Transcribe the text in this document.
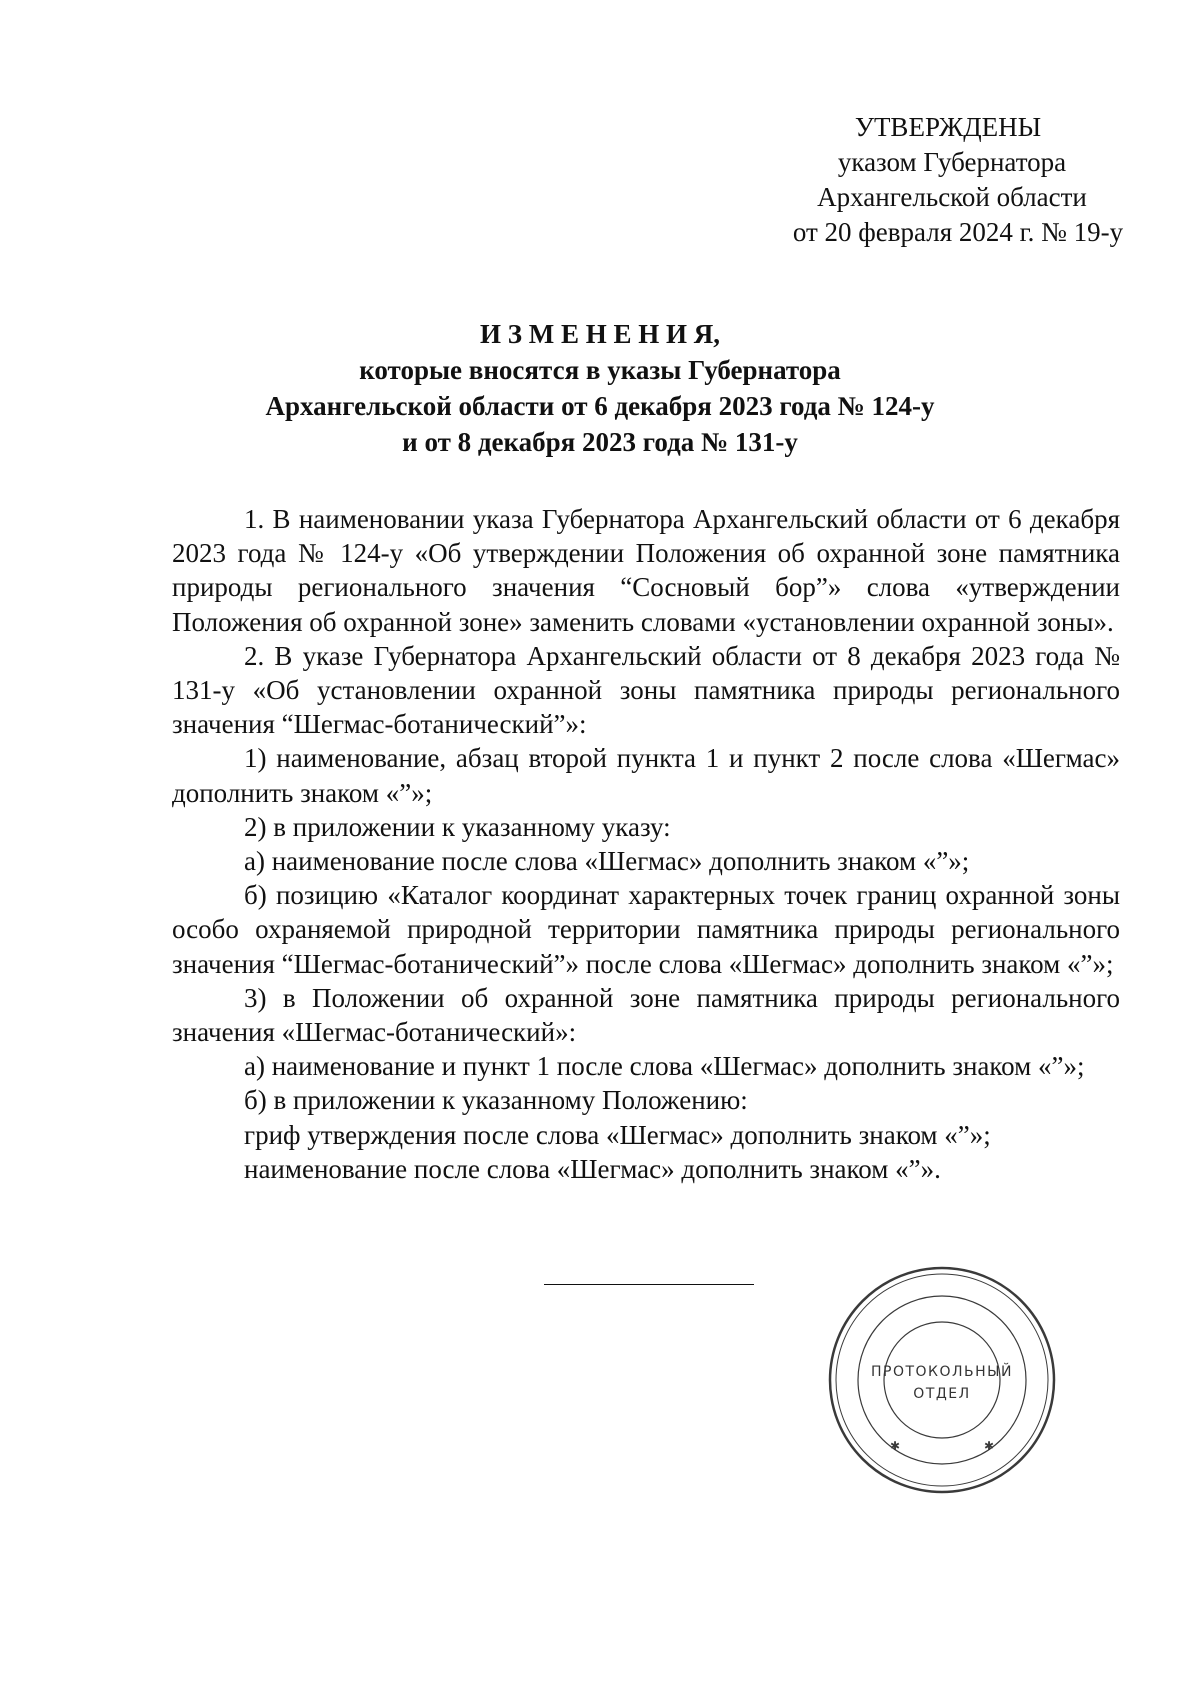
УТВЕРЖДЕНЫ
указом Губернатора
Архангельской области
от 20 февраля 2024 г. № 19-у
И З М Е Н Е Н И Я,
которые вносятся в указы Губернатора
Архангельской области от 6 декабря 2023 года № 124-у
и от 8 декабря 2023 года № 131-у

1. В наименовании указа Губернатора Архангельский области от 6 декабря 2023 года № 124-у «Об утверждении Положения об охранной зоне памятника природы регионального значения “Сосновый бор”» слова «утверждении Положения об охранной зоне» заменить словами «установлении охранной зоны».

2. В указе Губернатора Архангельский области от 8 декабря 2023 года № 131-у «Об установлении охранной зоны памятника природы регионального значения “Шегмас-ботанический”»:

1) наименование, абзац второй пункта 1 и пункт 2 после слова «Шегмас» дополнить знаком «”»;

2) в приложении к указанному указу:

а) наименование после слова «Шегмас» дополнить знаком «”»;

б) позицию «Каталог координат характерных точек границ охранной зоны особо охраняемой природной территории памятника природы регионального значения “Шегмас-ботанический”» после слова «Шегмас» дополнить знаком «”»;

3) в Положении об охранной зоне памятника природы регионального значения «Шегмас-ботанический»:

а) наименование и пункт 1 после слова «Шегмас» дополнить знаком «”»;

б) в приложении к указанному Положению:

гриф утверждения после слова «Шегмас» дополнить знаком «”»;

наименование после слова «Шегмас» дополнить знаком «”».

✱	✱
ПРОТОКОЛЬНЫЙ
ОТДЕЛ
